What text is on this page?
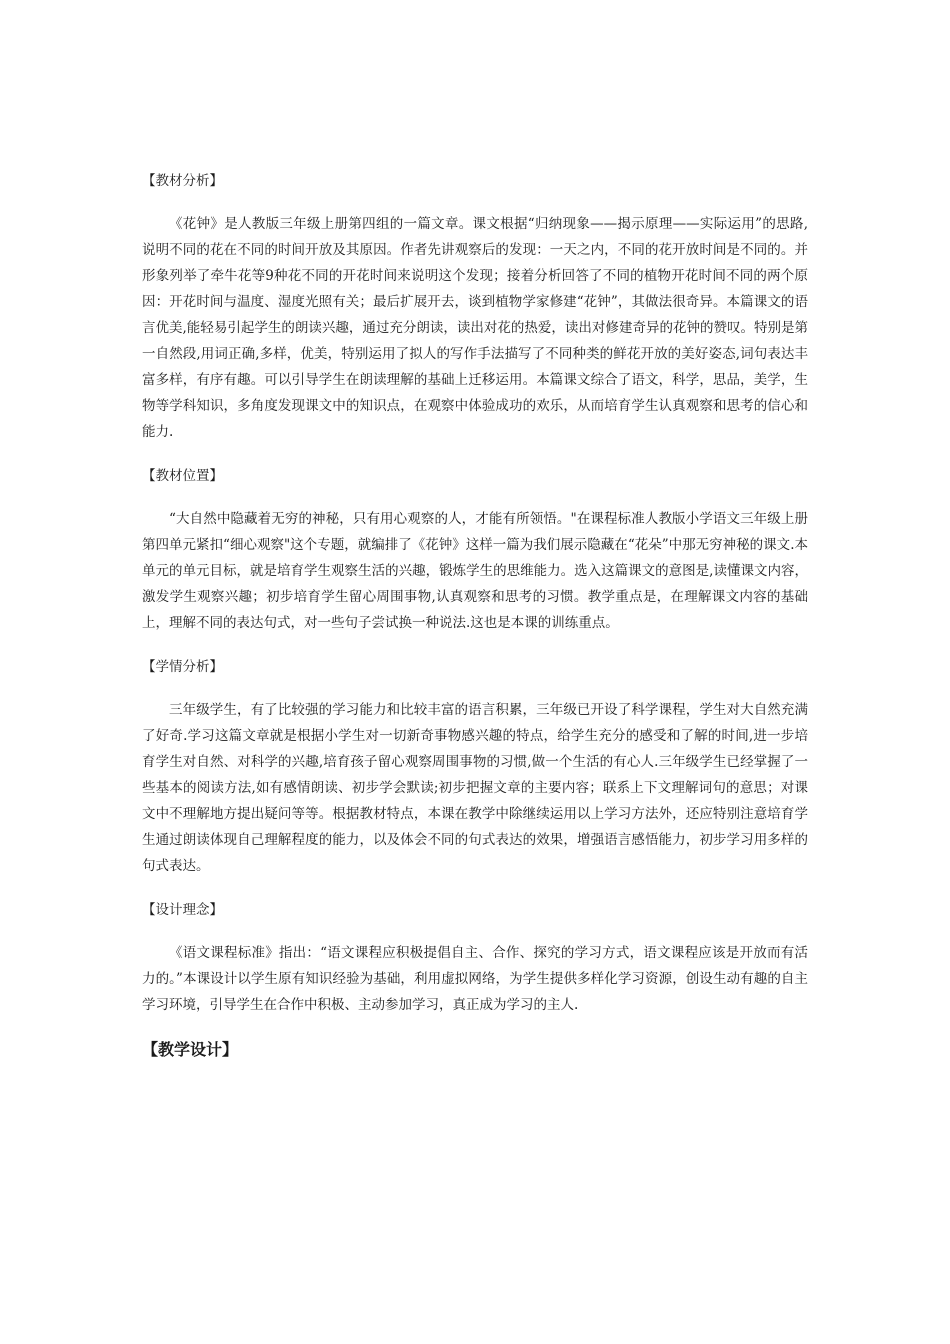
【教材分析】

《花钟》是人教版三年级上册第四组的一篇文章。课文根据“归纳现象——揭示原理——实际运用”的思路,说明不同的花在不同的时间开放及其原因。作者先讲观察后的发现：一天之内，不同的花开放时间是不同的。并形象列举了牵牛花等9种花不同的开花时间来说明这个发现；接着分析回答了不同的植物开花时间不同的两个原因：开花时间与温度、湿度光照有关；最后扩展开去，谈到植物学家修建“花钟”，其做法很奇异。本篇课文的语言优美,能轻易引起学生的朗读兴趣，通过充分朗读，读出对花的热爱，读出对修建奇异的花钟的赞叹。特别是第一自然段,用词正确,多样，优美，特别运用了拟人的写作手法描写了不同种类的鲜花开放的美好姿态,词句表达丰富多样，有序有趣。可以引导学生在朗读理解的基础上迁移运用。本篇课文综合了语文，科学，思品，美学，生物等学科知识，多角度发现课文中的知识点，在观察中体验成功的欢乐，从而培育学生认真观察和思考的信心和能力.

【教材位置】

“大自然中隐藏着无穷的神秘，只有用心观察的人，才能有所领悟。"在课程标准人教版小学语文三年级上册第四单元紧扣“细心观察"这个专题，就编排了《花钟》这样一篇为我们展示隐藏在“花朵”中那无穷神秘的课文.本单元的单元目标，就是培育学生观察生活的兴趣，锻炼学生的思维能力。选入这篇课文的意图是,读懂课文内容，激发学生观察兴趣；初步培育学生留心周围事物,认真观察和思考的习惯。教学重点是，在理解课文内容的基础上，理解不同的表达句式，对一些句子尝试换一种说法.这也是本课的训练重点。

【学情分析】

三年级学生，有了比较强的学习能力和比较丰富的语言积累，三年级已开设了科学课程，学生对大自然充满了好奇.学习这篇文章就是根据小学生对一切新奇事物感兴趣的特点，给学生充分的感受和了解的时间,进一步培育学生对自然、对科学的兴趣,培育孩子留心观察周围事物的习惯,做一个生活的有心人.三年级学生已经掌握了一些基本的阅读方法,如有感情朗读、初步学会默读;初步把握文章的主要内容；联系上下文理解词句的意思；对课文中不理解地方提出疑问等等。根据教材特点，本课在教学中除继续运用以上学习方法外，还应特别注意培育学生通过朗读体现自己理解程度的能力，以及体会不同的句式表达的效果，增强语言感悟能力，初步学习用多样的句式表达。

【设计理念】

《语文课程标准》指出：“语文课程应积极提倡自主、合作、探究的学习方式，语文课程应该是开放而有活力的。”本课设计以学生原有知识经验为基础，利用虚拟网络，为学生提供多样化学习资源，创设生动有趣的自主学习环境，引导学生在合作中积极、主动参加学习，真正成为学习的主人.

【教学设计】
